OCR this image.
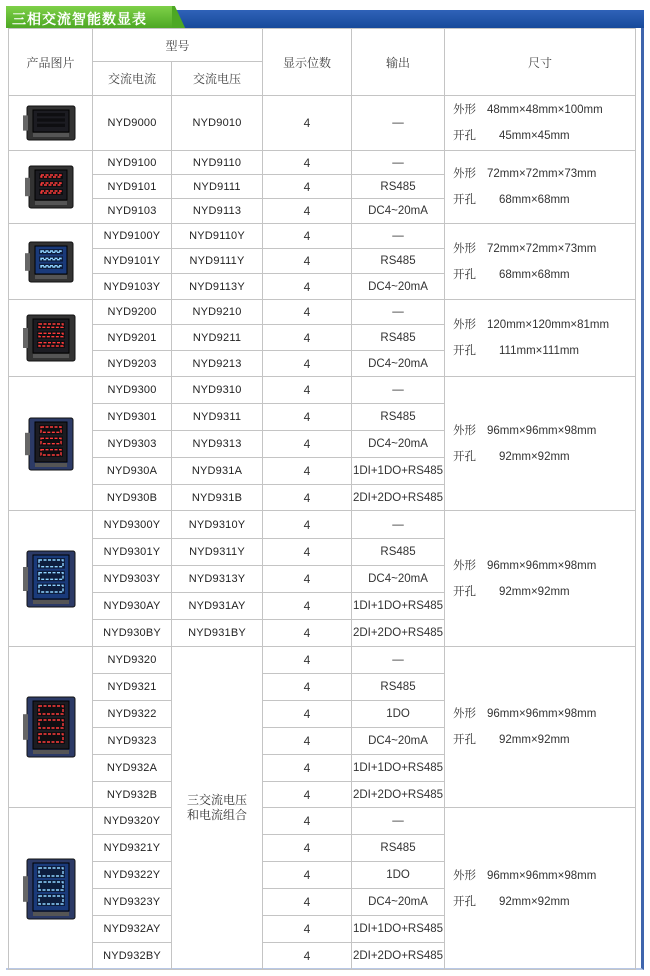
三相交流智能数显表
产品图片	型号		显示位数	输出	尺寸
	交流电流	交流电压			

	NYD9000	NYD9010	4	—	外形 48mm×48mm×100mm
开孔 45mm×45mm

	NYD9100	NYD9110	4	—	外形 72mm×72mm×73mm
开孔 68mm×68mm

	NYD9101	NYD9111	4	RS485	
	NYD9103	NYD9113	4	DC4~20mA	

	NYD9100Y	NYD9110Y	4	—	外形 72mm×72mm×73mm
开孔 68mm×68mm

	NYD9101Y	NYD9111Y	4	RS485	
	NYD9103Y	NYD9113Y	4	DC4~20mA	

	NYD9200	NYD9210	4	—	外形 120mm×120mm×81mm
开孔 111mm×111mm

	NYD9201	NYD9211	4	RS485	
	NYD9203	NYD9213	4	DC4~20mA	

	NYD9300	NYD9310	4	—	外形 96mm×96mm×98mm
开孔 92mm×92mm

	NYD9301	NYD9311	4	RS485	
	NYD9303	NYD9313	4	DC4~20mA	
	NYD930A	NYD931A	4	1DI+1DO+RS485	
	NYD930B	NYD931B	4	2DI+2DO+RS485	

	NYD9300Y	NYD9310Y	4	—	外形 96mm×96mm×98mm
开孔 92mm×92mm

	NYD9301Y	NYD9311Y	4	RS485	
	NYD9303Y	NYD9313Y	4	DC4~20mA	
	NYD930AY	NYD931AY	4	1DI+1DO+RS485	
	NYD930BY	NYD931BY	4	2DI+2DO+RS485	

	NYD9320	三交流电压和电流组合	4	—	外形 96mm×96mm×98mm
开孔 92mm×92mm

	NYD9321		4	RS485	
	NYD9322		4	1DO	
	NYD9323		4	DC4~20mA	
	NYD932A		4	1DI+1DO+RS485	
	NYD932B		4	2DI+2DO+RS485	

	NYD9320Y		4	—	外形 96mm×96mm×98mm
开孔 92mm×92mm

	NYD9321Y		4	RS485	
	NYD9322Y		4	1DO	
	NYD9323Y		4	DC4~20mA	
	NYD932AY		4	1DI+1DO+RS485	
	NYD932BY		4	2DI+2DO+RS485	
